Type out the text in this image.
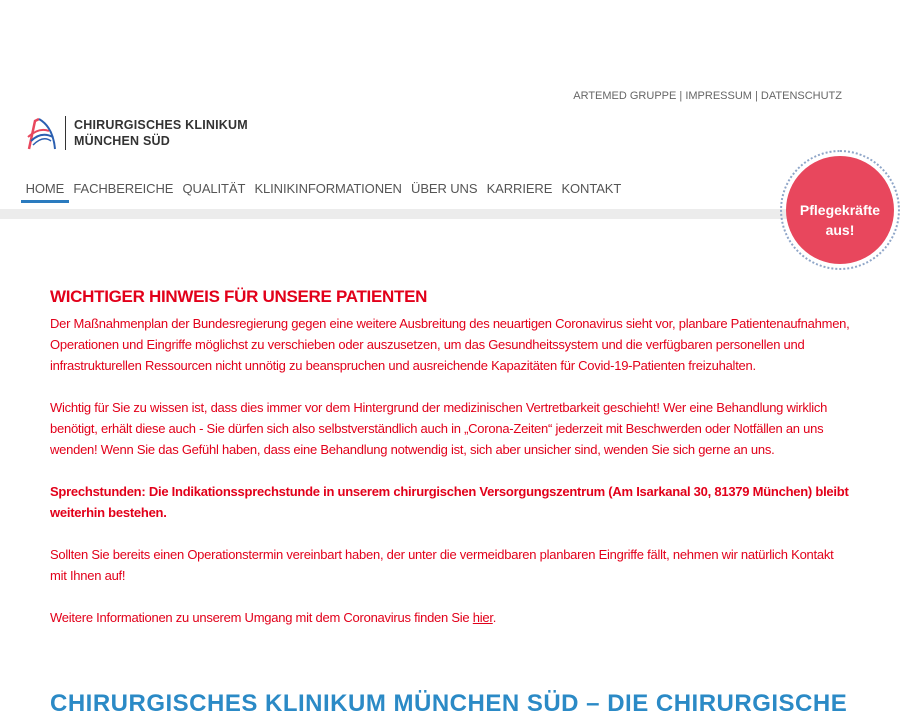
ARTEMED GRUPPE | IMPRESSUM | DATENSCHUTZ
CHIRURGISCHES KLINIKUM
MÜNCHEN SÜD
HOME FACHBEREICHE QUALITÄT KLINIKINFORMATIONEN ÜBER UNS KARRIERE KONTAKT
Pflegekräfte
aus!
WICHTIGER HINWEIS FÜR UNSERE PATIENTEN

Der Maßnahmenplan der Bundesregierung gegen eine weitere Ausbreitung des neuartigen Coronavirus sieht vor, planbare Patientenaufnahmen, Operationen und Eingriffe möglichst zu verschieben oder auszusetzen, um das Gesundheitssystem und die verfügbaren personellen und infrastrukturellen Ressourcen nicht unnötig zu beanspruchen und ausreichende Kapazitäten für Covid-19-Patienten freizuhalten.

Wichtig für Sie zu wissen ist, dass dies immer vor dem Hintergrund der medizinischen Vertretbarkeit geschieht! Wer eine Behandlung wirklich benötigt, erhält diese auch - Sie dürfen sich also selbstverständlich auch in „Corona-Zeiten“ jederzeit mit Beschwerden oder Notfällen an uns wenden! Wenn Sie das Gefühl haben, dass eine Behandlung notwendig ist, sich aber unsicher sind, wenden Sie sich gerne an uns.

Sprechstunden: Die Indikationssprechstunde in unserem chirurgischen Versorgungszentrum (Am Isarkanal 30, 81379 München) bleibt weiterhin bestehen.

Sollten Sie bereits einen Operationstermin vereinbart haben, der unter die vermeidbaren planbaren Eingriffe fällt, nehmen wir natürlich Kontakt mit Ihnen auf!

Weitere Informationen zu unserem Umgang mit dem Coronavirus finden Sie hier.

CHIRURGISCHES KLINIKUM MÜNCHEN SÜD – DIE CHIRURGISCHE
